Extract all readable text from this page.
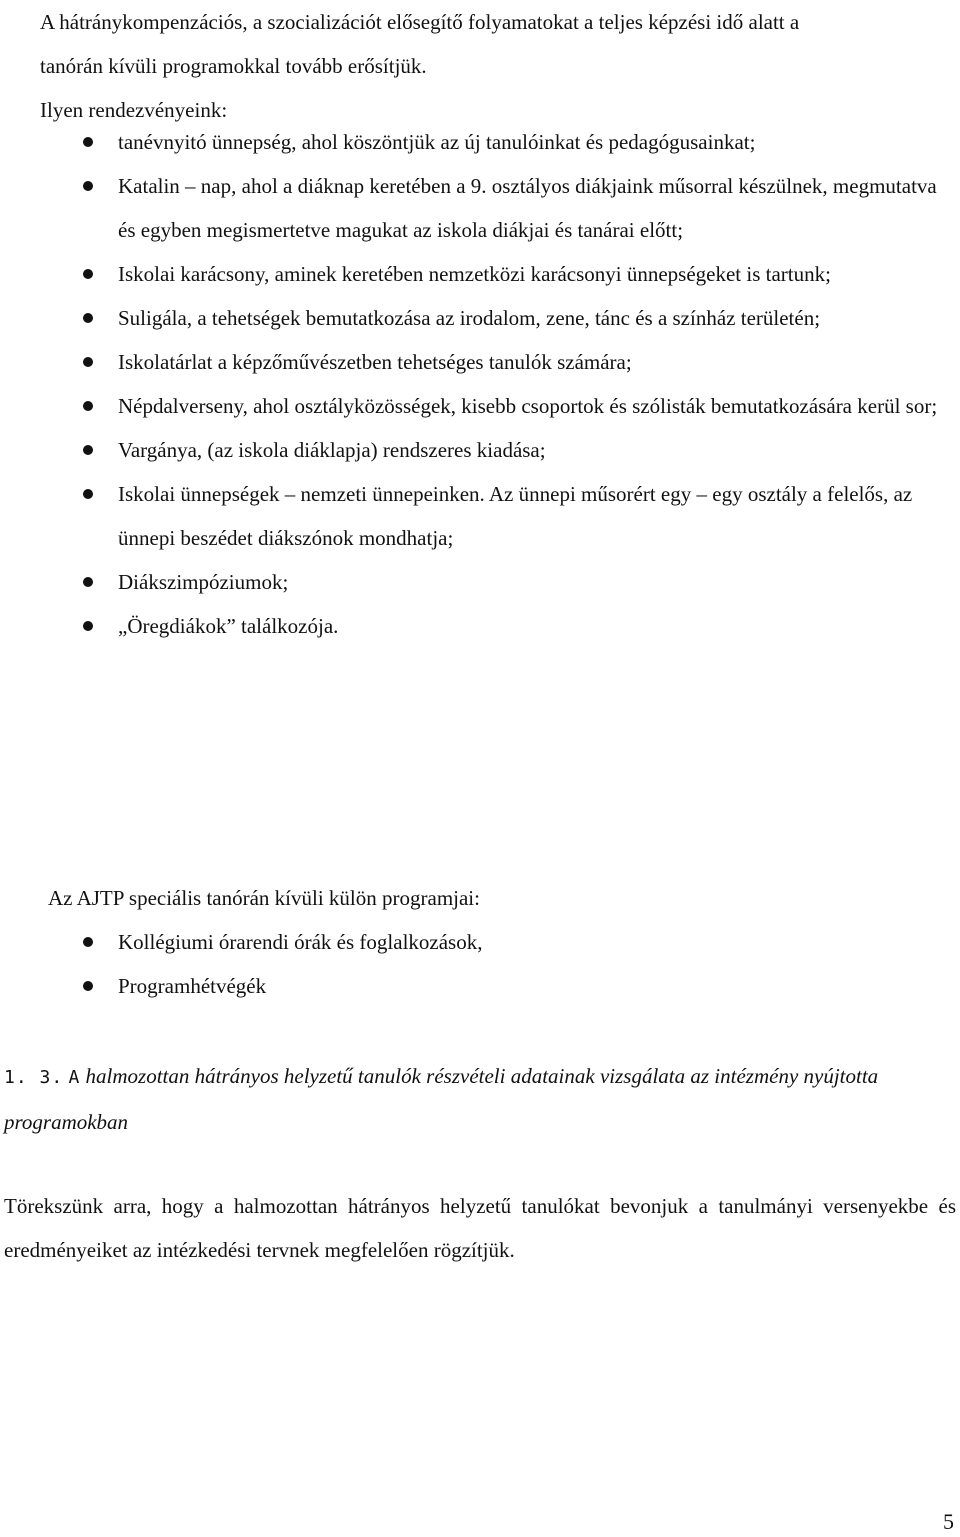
A hátránykompenzációs, a szocializációt elősegítő folyamatokat a teljes képzési idő alatt a
tanórán kívüli programokkal tovább erősítjük.
Ilyen rendezvényeink:
tanévnyitó ünnepség, ahol köszöntjük az új tanulóinkat és pedagógusainkat;
Katalin – nap, ahol a diáknap keretében a 9. osztályos diákjaink műsorral készülnek, megmutatva és egyben megismertetve magukat az iskola diákjai és tanárai előtt;
Iskolai karácsony, aminek keretében nemzetközi karácsonyi ünnepségeket is tartunk;
Suligála, a tehetségek bemutatkozása az irodalom, zene, tánc és a színház területén;
Iskolatárlat a képzőművészetben tehetséges tanulók számára;
Népdalverseny, ahol osztályközösségek, kisebb csoportok és szólisták bemutatkozására kerül sor;
Vargánya, (az iskola diáklapja) rendszeres kiadása;
Iskolai ünnepségek – nemzeti ünnepeinken. Az ünnepi műsorért egy – egy osztály a felelős, az ünnepi beszédet diákszónok mondhatja;
Diákszimpóziumok;
„Öregdiákok” találkozója.

Az AJTP speciális tanórán kívüli külön programjai:

Kollégiumi órarendi órák és foglalkozások,
Programhétvégék

1. 3. A halmozottan hátrányos helyzetű tanulók részvételi adatainak vizsgálata az intézmény nyújtotta programokban

Törekszünk arra, hogy a halmozottan hátrányos helyzetű tanulókat bevonjuk a tanulmányi versenyekbe és eredményeiket az intézkedési tervnek megfelelően rögzítjük.

5
